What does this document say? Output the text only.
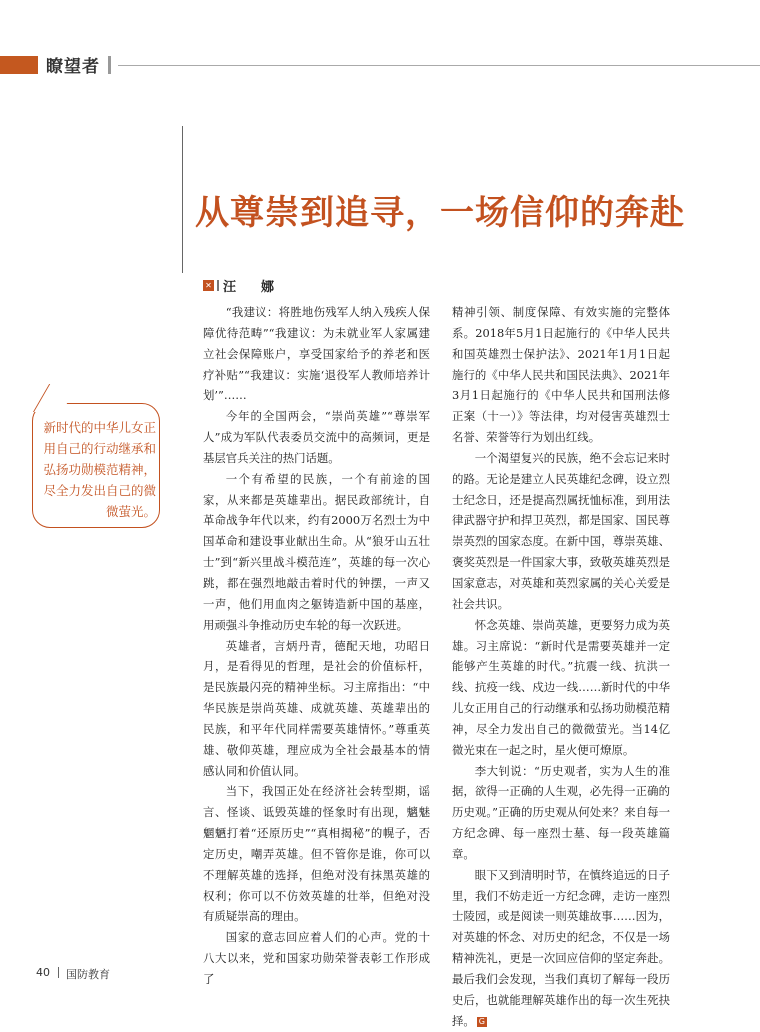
瞭望者
从尊崇到追寻，一场信仰的奔赴
✕ 汪　娜
新时代的中华儿女正用自己的行动继承和弘扬功勋模范精神，尽全力发出自己的微微萤光。

“我建议：将胜地伤残军人纳入残疾人保障优待范畴”“我建议：为未就业军人家属建立社会保障账户，享受国家给予的养老和医疗补贴”“我建议：实施‘退役军人教师培养计划’”……

今年的全国两会，“崇尚英雄”“尊崇军人”成为军队代表委员交流中的高频词，更是基层官兵关注的热门话题。

一个有希望的民族，一个有前途的国家，从来都是英雄辈出。据民政部统计，自革命战争年代以来，约有2000万名烈士为中国革命和建设事业献出生命。从“狼牙山五壮士”到“新兴里战斗模范连”，英雄的每一次心跳，都在强烈地敲击着时代的钟摆，一声又一声，他们用血肉之躯铸造新中国的基座，用顽强斗争推动历史车轮的每一次跃进。

英雄者，言炳丹青，德配天地，功昭日月，是看得见的哲理，是社会的价值标杆，是民族最闪亮的精神坐标。习主席指出：“中华民族是崇尚英雄、成就英雄、英雄辈出的民族，和平年代同样需要英雄情怀。”尊重英雄、敬仰英雄，理应成为全社会最基本的情感认同和价值认同。

当下，我国正处在经济社会转型期，谣言、怪谈、诋毁英雄的怪象时有出现，魑魅魍魉打着“还原历史”“真相揭秘”的幌子，否定历史，嘲弄英雄。但不管你是谁，你可以不理解英雄的选择，但绝对没有抹黑英雄的权利；你可以不仿效英雄的壮举，但绝对没有质疑崇高的理由。

国家的意志回应着人们的心声。党的十八大以来，党和国家功勋荣誉表彰工作形成了

精神引领、制度保障、有效实施的完整体系。2018年5月1日起施行的《中华人民共和国英雄烈士保护法》、2021年1月1日起施行的《中华人民共和国民法典》、2021年3月1日起施行的《中华人民共和国刑法修正案（十一）》等法律，均对侵害英雄烈士名誉、荣誉等行为划出红线。

一个渴望复兴的民族，绝不会忘记来时的路。无论是建立人民英雄纪念碑，设立烈士纪念日，还是提高烈属抚恤标准，到用法律武器守护和捍卫英烈，都是国家、国民尊崇英烈的国家态度。在新中国，尊崇英雄、褒奖英烈是一件国家大事，致敬英雄英烈是国家意志，对英雄和英烈家属的关心关爱是社会共识。

怀念英雄、崇尚英雄，更要努力成为英雄。习主席说：“新时代是需要英雄并一定能够产生英雄的时代。”抗震一线、抗洪一线、抗疫一线、戍边一线……新时代的中华儿女正用自己的行动继承和弘扬功勋模范精神，尽全力发出自己的微微萤光。当14亿微光束在一起之时，星火便可燎原。

李大钊说：“历史观者，实为人生的准据，欲得一正确的人生观，必先得一正确的历史观。”正确的历史观从何处来？来自每一方纪念碑、每一座烈士墓、每一段英雄篇章。

眼下又到清明时节，在慎终追远的日子里，我们不妨走近一方纪念碑，走访一座烈士陵园，或是阅读一则英雄故事……因为，对英雄的怀念、对历史的纪念，不仅是一场精神洗礼，更是一次回应信仰的坚定奔赴。最后我们会发现，当我们真切了解每一段历史后，也就能理解英雄作出的每一次生死抉择。 G

40 国防教育
